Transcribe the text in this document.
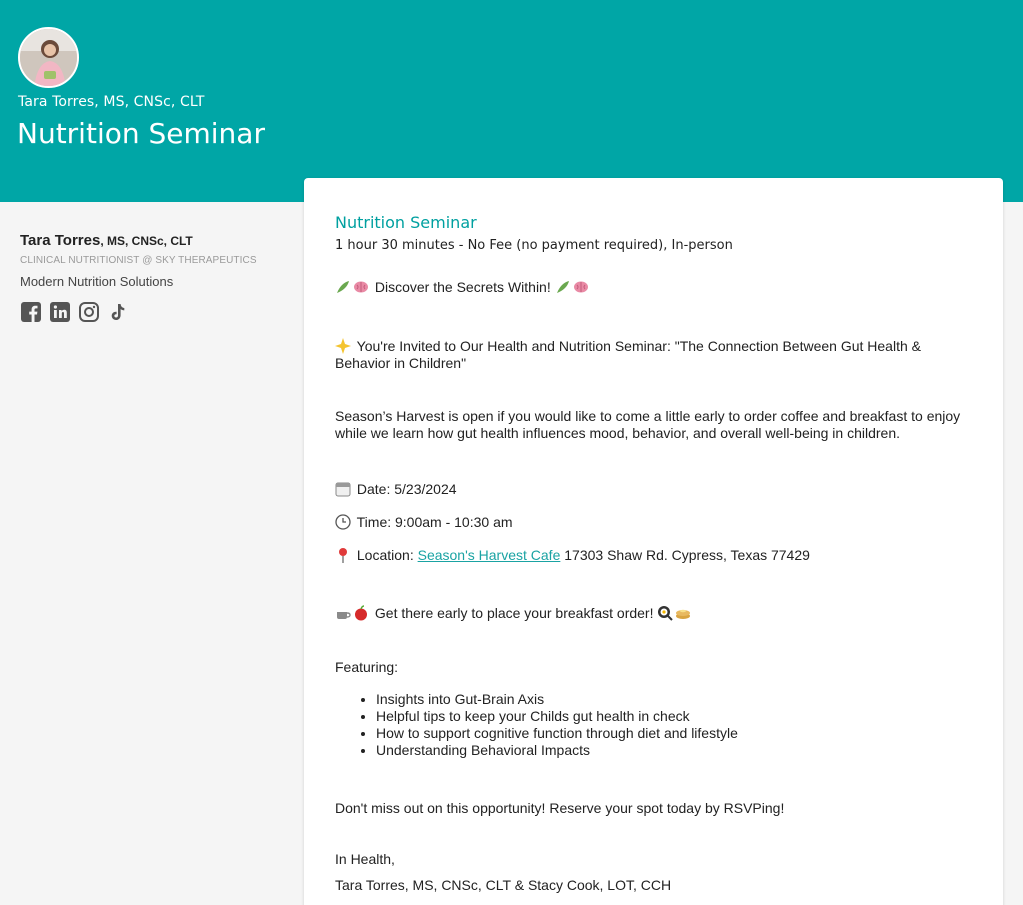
Tara Torres, MS, CNSc, CLT
Nutrition Seminar
Tara Torres, MS, CNSc, CLT
CLINICAL NUTRITIONIST @ SKY THERAPEUTICS
Modern Nutrition Solutions
Nutrition Seminar
1 hour 30 minutes - No Fee (no payment required), In-person
Discover the Secrets Within!
You're Invited to Our Health and Nutrition Seminar: "The Connection Between Gut Health & Behavior in Children"
Season’s Harvest is open if you would like to come a little early to order coffee and breakfast to enjoy while we learn how gut health influences mood, behavior, and overall well-being in children.
Date: 5/23/2024
Time: 9:00am - 10:30 am
Location: Season's Harvest Cafe 17303 Shaw Rd. Cypress, Texas 77429
Get there early to place your breakfast order!
Featuring:
• Insights into Gut-Brain Axis
• Helpful tips to keep your Childs gut health in check
• How to support cognitive function through diet and lifestyle
• Understanding Behavioral Impacts
Don't miss out on this opportunity! Reserve your spot today by RSVPing!
In Health,
Tara Torres, MS, CNSc, CLT & Stacy Cook, LOT, CCH
